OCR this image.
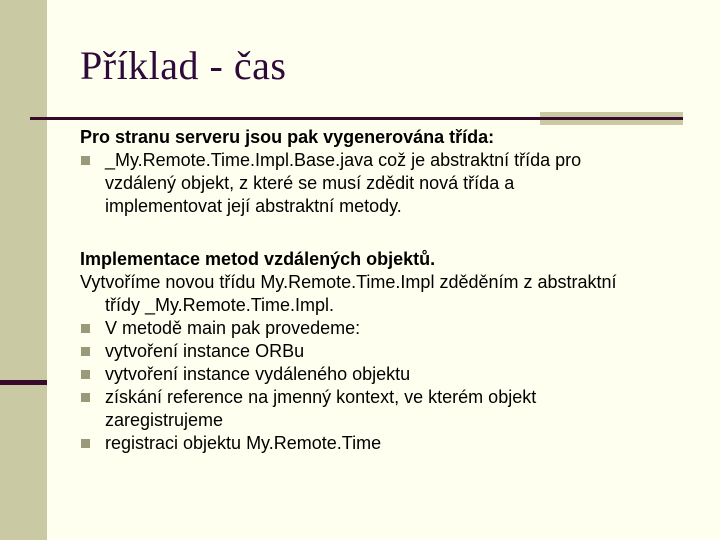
Příklad - čas
Pro stranu serveru jsou pak vygenerována třída:
_My.Remote.Time.Impl.Base.java což je abstraktní třída pro
vzdálený objekt, z které se musí zdědit nová třída a
implementovat její abstraktní metody.
Implementace metod vzdálených objektů.
Vytvoříme novou třídu My.Remote.Time.Impl zděděním z abstraktní
třídy _My.Remote.Time.Impl.
V metodě main pak provedeme:
vytvoření instance ORBu
vytvoření instance vydáleného objektu
získání reference na jmenný kontext, ve kterém objekt
zaregistrujeme
registraci objektu My.Remote.Time
